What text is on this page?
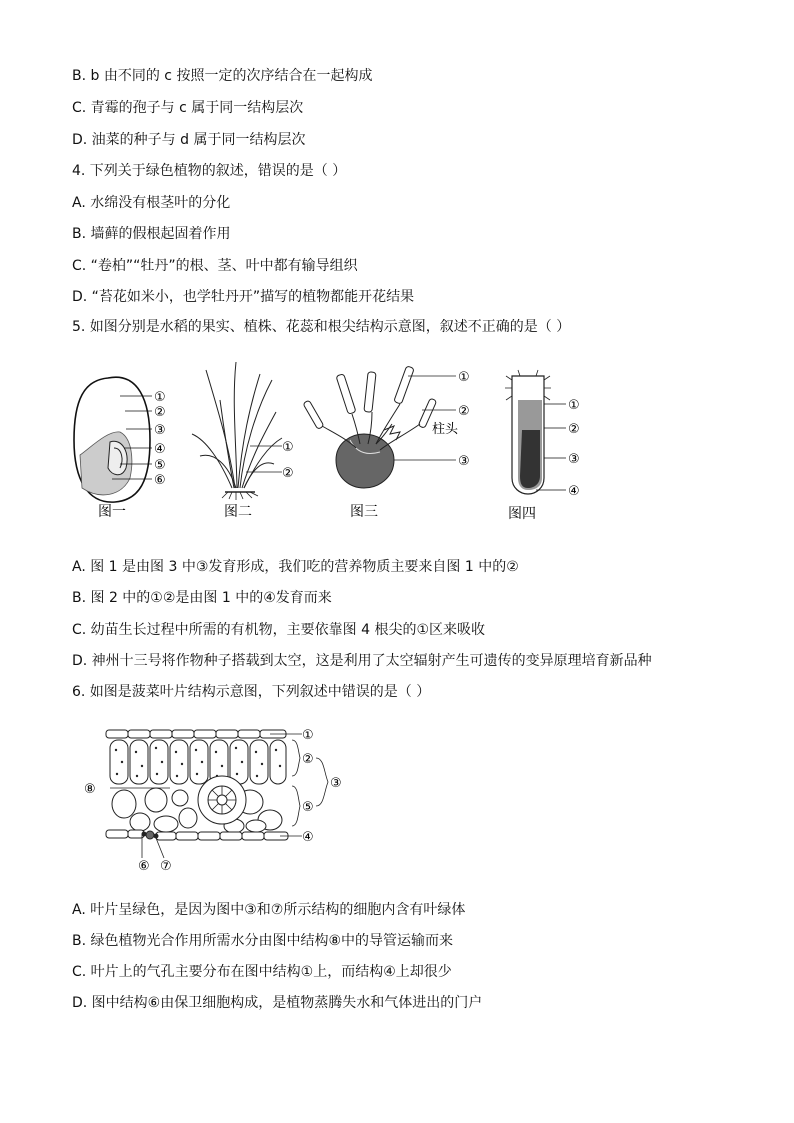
B. b 由不同的 c 按照一定的次序结合在一起构成
C. 青霉的孢子与 c 属于同一结构层次
D. 油菜的种子与 d 属于同一结构层次
4. 下列关于绿色植物的叙述，错误的是（ ）
A. 水绵没有根茎叶的分化
B. 墙藓的假根起固着作用
C. “卷柏”“牡丹”的根、茎、叶中都有输导组织
D. “苔花如米小，也学牡丹开”描写的植物都能开花结果
5. 如图分别是水稻的果实、植株、花蕊和根尖结构示意图，叙述不正确的是（ ）
①
②
③
④
⑤
⑥
图一
①
②
图二
①
②
柱头
③
图三
①
②
③
④
图四
A. 图 1 是由图 3 中③发育形成，我们吃的营养物质主要来自图 1 中的②
B. 图 2 中的①②是由图 1 中的④发育而来
C. 幼苗生长过程中所需的有机物，主要依靠图 4 根尖的①区来吸收
D. 神州十三号将作物种子搭载到太空，这是利用了太空辐射产生可遗传的变异原理培育新品种
6. 如图是菠菜叶片结构示意图，下列叙述中错误的是（ ）
①
②
③
⑤
④
⑧
⑥ ⑦
A. 叶片呈绿色，是因为图中③和⑦所示结构的细胞内含有叶绿体
B. 绿色植物光合作用所需水分由图中结构⑧中的导管运输而来
C. 叶片上的气孔主要分布在图中结构①上，而结构④上却很少
D. 图中结构⑥由保卫细胞构成，是植物蒸腾失水和气体进出的门户
